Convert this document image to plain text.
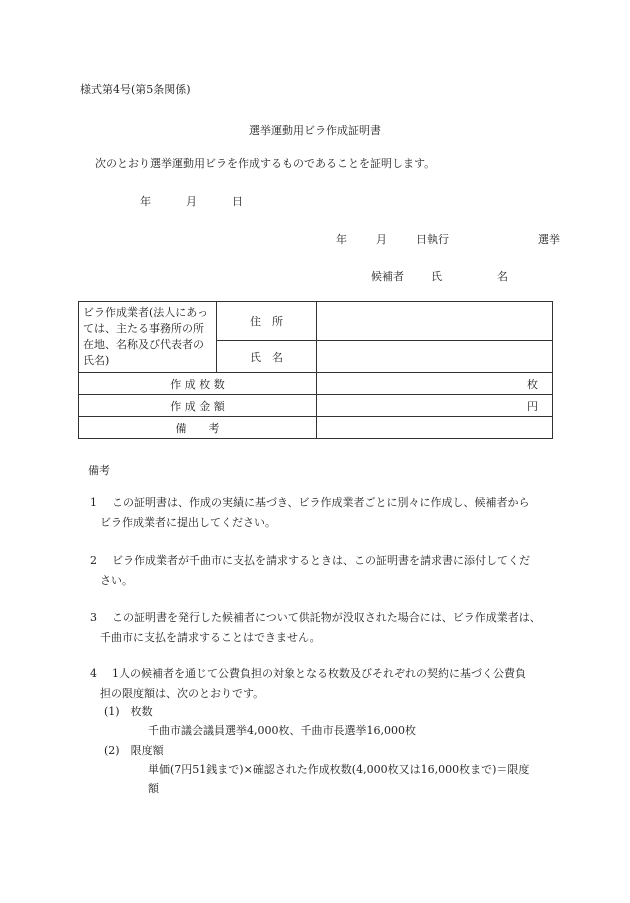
様式第4号(第5条関係)
選挙運動用ビラ作成証明書
次のとおり選挙運動用ビラを作成するものであることを証明します。
年	月	日
年	月	日執行	選挙
候補者 氏	名
ビラ作成業者(法人にあっては、主たる事務所の所在地、名称及び代表者の氏名)	住　所	
	氏　名	
作 成 枚 数		枚
作 成 金 額		円
備　　考		
備考
1 この証明書は、作成の実績に基づき、ビラ作成業者ごとに別々に作成し、候補者から
ビラ作成業者に提出してください。
2 ビラ作成業者が千曲市に支払を請求するときは、この証明書を請求書に添付してくだ
さい。
3 この証明書を発行した候補者について供託物が没収された場合には、ビラ作成業者は、
千曲市に支払を請求することはできません。
4 1人の候補者を通じて公費負担の対象となる枚数及びそれぞれの契約に基づく公費負
担の限度額は、次のとおりです。
(1)　枚数
千曲市議会議員選挙4,000枚、千曲市長選挙16,000枚
(2)　限度額
単価(7円51銭まで)×確認された作成枚数(4,000枚又は16,000枚まで)＝限度
額
